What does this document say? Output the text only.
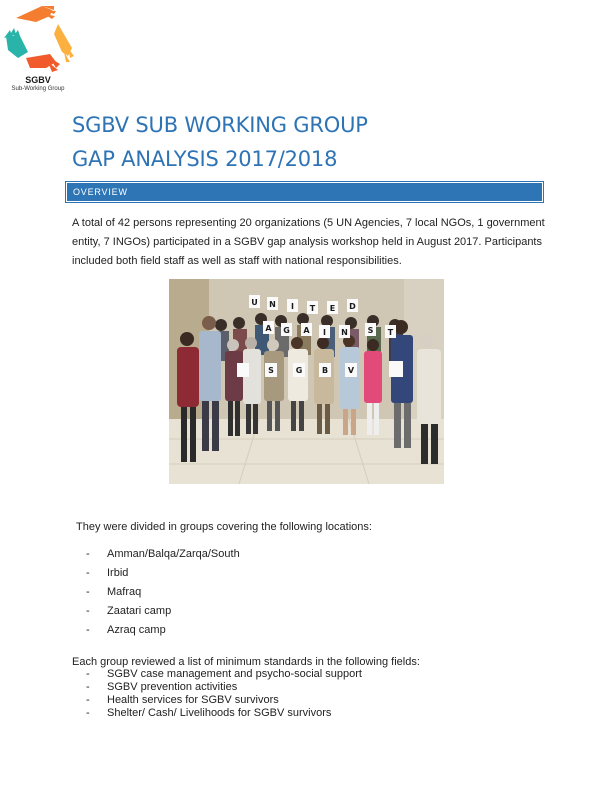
SGBV
Sub-Working Group
SGBV SUB WORKING GROUP
GAP ANALYSIS 2017/2018
OVERVIEW
A total of 42 persons representing 20 organizations (5 UN Agencies, 7 local NGOs, 1 government entity, 7 INGOs) participated in a SGBV gap analysis workshop held in August 2017. Participants included both field staff as well as staff with national responsibilities.
U N I T E D
A G A I N S T
S	G B V
They were divided in groups covering the following locations:
- Amman/Balqa/Zarqa/South
- Irbid
- Mafraq
- Zaatari camp
- Azraq camp
Each group reviewed a list of minimum standards in the following fields:
- SGBV case management and psycho-social support
- SGBV prevention activities
- Health services for SGBV survivors
- Shelter/ Cash/ Livelihoods for SGBV survivors
